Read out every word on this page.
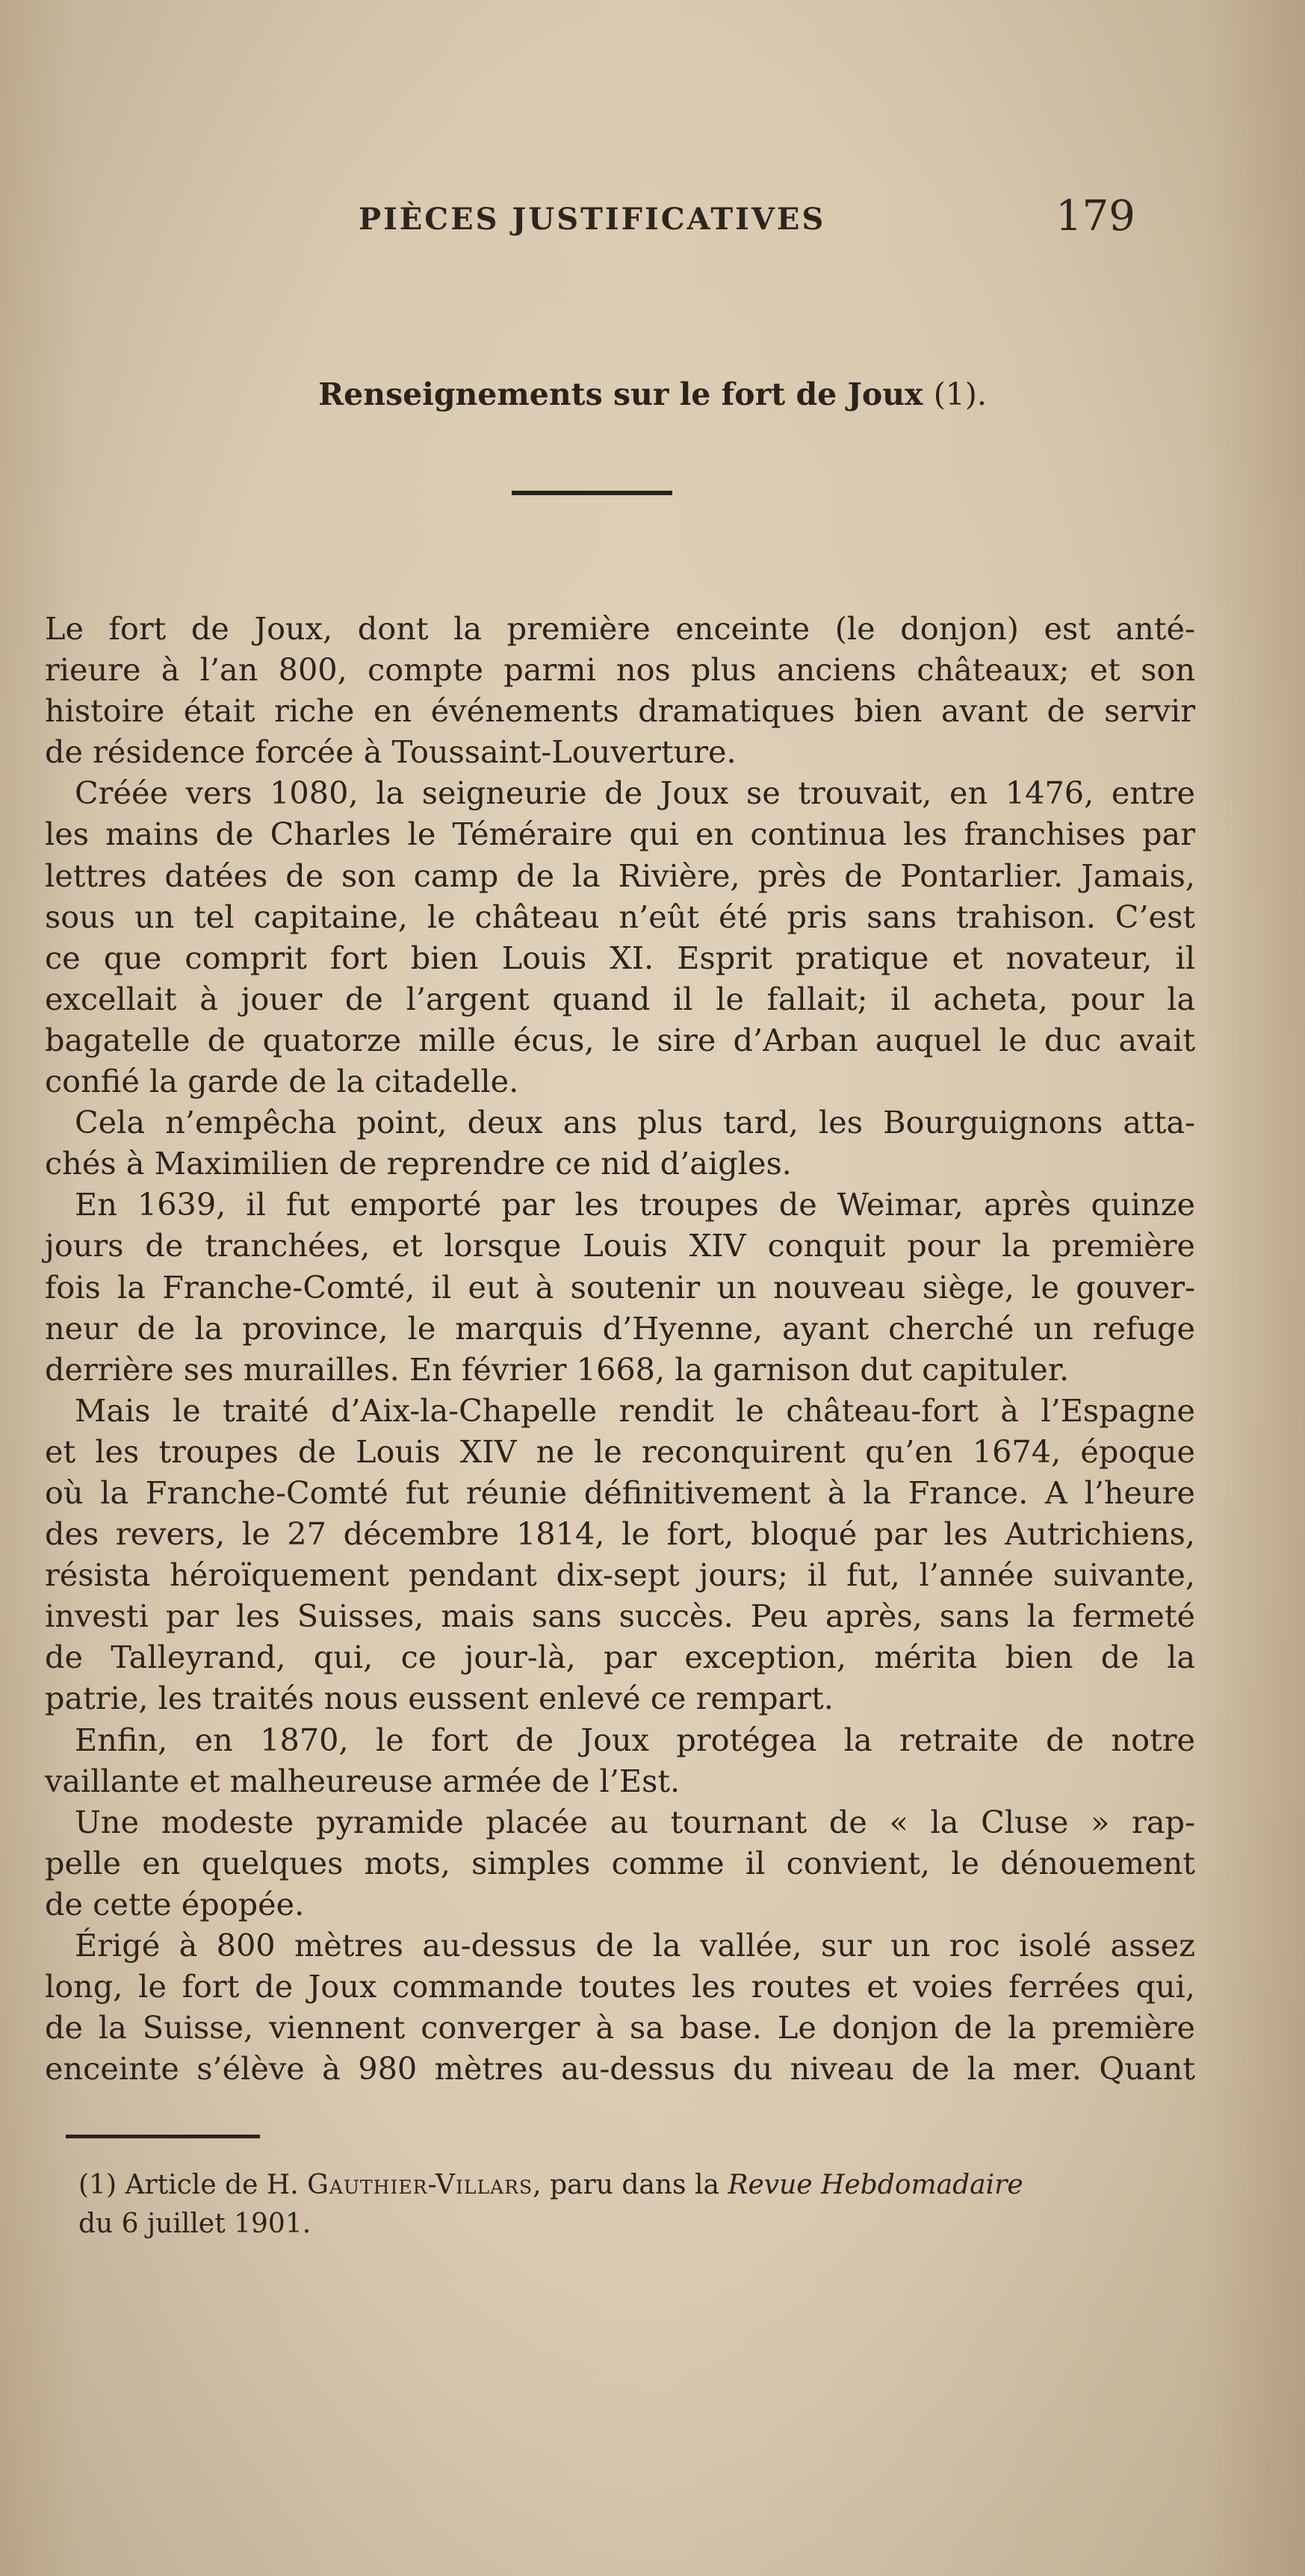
PIÈCES JUSTIFICATIVES	179
Renseignements sur le fort de Joux (1).
Le fort de Joux, dont la première enceinte (le donjon) est anté-
rieure à l’an 800, compte parmi nos plus anciens châteaux; et son
histoire était riche en événements dramatiques bien avant de servir
de résidence forcée à Toussaint-Louverture.
Créée vers 1080, la seigneurie de Joux se trouvait, en 1476, entre
les mains de Charles le Téméraire qui en continua les franchises par
lettres datées de son camp de la Rivière, près de Pontarlier. Jamais,
sous un tel capitaine, le château n’eût été pris sans trahison. C’est
ce que comprit fort bien Louis XI. Esprit pratique et novateur, il
excellait à jouer de l’argent quand il le fallait; il acheta, pour la
bagatelle de quatorze mille écus, le sire d’Arban auquel le duc avait
confié la garde de la citadelle.
Cela n’empêcha point, deux ans plus tard, les Bourguignons atta-
chés à Maximilien de reprendre ce nid d’aigles.
En 1639, il fut emporté par les troupes de Weimar, après quinze
jours de tranchées, et lorsque Louis XIV conquit pour la première
fois la Franche-Comté, il eut à soutenir un nouveau siège, le gouver-
neur de la province, le marquis d’Hyenne, ayant cherché un refuge
derrière ses murailles. En février 1668, la garnison dut capituler.
Mais le traité d’Aix-la-Chapelle rendit le château-fort à l’Espagne
et les troupes de Louis XIV ne le reconquirent qu’en 1674, époque
où la Franche-Comté fut réunie définitivement à la France. A l’heure
des revers, le 27 décembre 1814, le fort, bloqué par les Autrichiens,
résista héroïquement pendant dix-sept jours; il fut, l’année suivante,
investi par les Suisses, mais sans succès. Peu après, sans la fermeté
de Talleyrand, qui, ce jour-là, par exception, mérita bien de la
patrie, les traités nous eussent enlevé ce rempart.
Enfin, en 1870, le fort de Joux protégea la retraite de notre
vaillante et malheureuse armée de l’Est.
Une modeste pyramide placée au tournant de « la Cluse » rap-
pelle en quelques mots, simples comme il convient, le dénouement
de cette épopée.
Érigé à 800 mètres au-dessus de la vallée, sur un roc isolé assez
long, le fort de Joux commande toutes les routes et voies ferrées qui,
de la Suisse, viennent converger à sa base. Le donjon de la première
enceinte s’élève à 980 mètres au-dessus du niveau de la mer. Quant
(1) Article de H. Gauthier-Villars, paru dans la Revue Hebdomadaire
du 6 juillet 1901.
